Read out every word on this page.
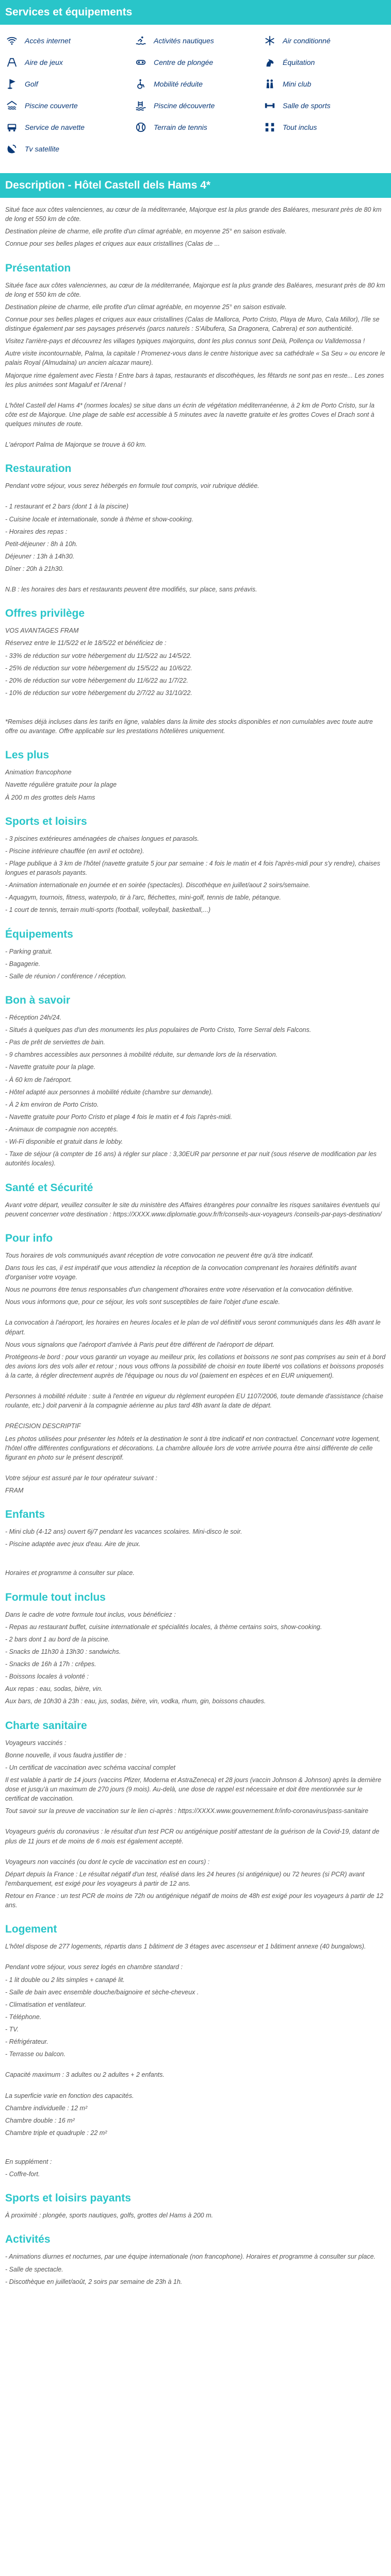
Services et équipements
Accès internet	Activités nautiques	Air conditionné
Aire de jeux	Centre de plongée	Équitation
Golf	Mobilité réduite	Mini club
Piscine couverte	Piscine découverte	Salle de sports
Service de navette	Terrain de tennis	Tout inclus
Tv satellite
Description - Hôtel Castell dels Hams 4*

Situé face aux côtes valenciennes, au cœur de la méditerranée, Majorque est la plus grande des Baléares, mesurant près de 80 km de long et 550 km de côte.

Destination pleine de charme, elle profite d'un climat agréable, en moyenne 25° en saison estivale.

Connue pour ses belles plages et criques aux eaux cristallines (Calas de ...

Présentation

Située face aux côtes valenciennes, au cœur de la méditerranée, Majorque est la plus grande des Baléares, mesurant près de 80 km de long et 550 km de côte.

Destination pleine de charme, elle profite d'un climat agréable, en moyenne 25° en saison estivale.

Connue pour ses belles plages et criques aux eaux cristallines (Calas de Mallorca, Porto Cristo, Playa de Muro, Cala Millor), l'île se distingue également par ses paysages préservés (parcs naturels : S'Albufera, Sa Dragonera, Cabrera) et son authenticité.

Visitez l'arrière-pays et découvrez les villages typiques majorquins, dont les plus connus sont Deià, Pollença ou Valldemossa !

Autre visite incontournable, Palma, la capitale ! Promenez-vous dans le centre historique avec sa cathédrale « Sa Seu » ou encore le palais Royal (Almudaina) un ancien alcazar maure).

Majorque rime également avec Fiesta ! Entre bars à tapas, restaurants et discothèques, les fêtards ne sont pas en reste... Les zones les plus animées sont Magaluf et l'Arenal !

L'hôtel Castell del Hams 4* (normes locales) se situe dans un écrin de végétation méditerranéenne, à 2 km de Porto Cristo, sur la côte est de Majorque. Une plage de sable est accessible à 5 minutes avec la navette gratuite et les grottes Coves el Drach sont à quelques minutes de route.

L'aéroport Palma de Majorque se trouve à 60 km.

Restauration

Pendant votre séjour, vous serez hébergés en formule tout compris, voir rubrique dédiée.

- 1 restaurant et 2 bars (dont 1 à la piscine)

- Cuisine locale et internationale, sonde à thème et show-cooking.

- Horaires des repas :

Petit-déjeuner : 8h à 10h.

Déjeuner : 13h à 14h30.

Dîner : 20h à 21h30.

N.B : les horaires des bars et restaurants peuvent être modifiés, sur place, sans préavis.

Offres privilège

VOS AVANTAGES FRAM

Réservez entre le 11/5/22 et le 18/5/22 et bénéficiez de :

- 33% de réduction sur votre hébergement du 11/5/22 au 14/5/22.

- 25% de réduction sur votre hébergement du 15/5/22 au 10/6/22.

- 20% de réduction sur votre hébergement du 11/6/22 au 1/7/22.

- 10% de réduction sur votre hébergement du 2/7/22 au 31/10/22.

*Remises déjà incluses dans les tarifs en ligne, valables dans la limite des stocks disponibles et non cumulables avec toute autre offre ou avantage. Offre applicable sur les prestations hôtelières uniquement.

Les plus

Animation francophone

Navette régulière gratuite pour la plage

À 200 m des grottes dels Hams

Sports et loisirs

- 3 piscines extérieures aménagées de chaises longues et parasols.

- Piscine intérieure chauffée (en avril et octobre).

- Plage publique à 3 km de l'hôtel (navette gratuite 5 jour par semaine : 4 fois le matin et 4 fois l'après-midi pour s'y rendre), chaises longues et parasols payants.

- Animation internationale en journée et en soirée (spectacles). Discothèque en juillet/aout 2 soirs/semaine.

- Aquagym, tournois, fitness, waterpolo, tir à l'arc, fléchettes, mini-golf, tennis de table, pétanque.

- 1 court de tennis, terrain multi-sports (football, volleyball, basketball,...)

Équipements

- Parking gratuit.

- Bagagerie.

- Salle de réunion / conférence / réception.

Bon à savoir

- Réception 24h/24.

- Situés à quelques pas d'un des monuments les plus populaires de Porto Cristo, Torre Serral dels Falcons.

- Pas de prêt de serviettes de bain.

- 9 chambres accessibles aux personnes à mobilité réduite, sur demande lors de la réservation.

- Navette gratuite pour la plage.

- À 60 km de l'aéroport.

- Hôtel adapté aux personnes à mobilité réduite (chambre sur demande).

- À 2 km environ de Porto Cristo.

- Navette gratuite pour Porto Cristo et plage 4 fois le matin et 4 fois l'après-midi.

- Animaux de compagnie non acceptés.

- Wi-Fi disponible et gratuit dans le lobby.

- Taxe de séjour (à compter de 16 ans) à régler sur place : 3,30EUR par personne et par nuit (sous réserve de modification par les autorités locales).

Santé et Sécurité

Avant votre départ, veuillez consulter le site du ministère des Affaires étrangères pour connaître les risques sanitaires éventuels qui peuvent concerner votre destination : https://XXXX.www.diplomatie.gouv.fr/fr/conseils-aux-voyageurs /conseils-par-pays-destination/

Pour info

Tous horaires de vols communiqués avant réception de votre convocation ne peuvent être qu'à titre indicatif.

Dans tous les cas, il est impératif que vous attendiez la réception de la convocation comprenant les horaires définitifs avant d'organiser votre voyage.

Nous ne pourrons être tenus responsables d'un changement d'horaires entre votre réservation et la convocation définitive.

Nous vous informons que, pour ce séjour, les vols sont susceptibles de faire l'objet d'une escale.

La convocation à l'aéroport, les horaires en heures locales et le plan de vol définitif vous seront communiqués dans les 48h avant le départ.

Nous vous signalons que l'aéroport d'arrivée à Paris peut être différent de l'aéroport de départ.

Protégeons-le bord : pour vous garantir un voyage au meilleur prix, les collations et boissons ne sont pas comprises au sein et à bord des avions lors des vols aller et retour ; nous vous offrons la possibilité de choisir en toute liberté vos collations et boissons proposés à la carte, à régler directement auprès de l'équipage ou nous du vol (paiement en espèces et en EUR uniquement).

Personnes à mobilité réduite : suite à l'entrée en vigueur du règlement européen EU 1107/2006, toute demande d'assistance (chaise roulante, etc.) doit parvenir à la compagnie aérienne au plus tard 48h avant la date de départ.

PRÉCISION DESCRIPTIF

Les photos utilisées pour présenter les hôtels et la destination le sont à titre indicatif et non contractuel. Concernant votre logement, l'hôtel offre différentes configurations et décorations. La chambre allouée lors de votre arrivée pourra être ainsi différente de celle figurant en photo sur le présent descriptif.

Votre séjour est assuré par le tour opérateur suivant :

FRAM

Enfants

- Mini club (4-12 ans) ouvert 6j/7 pendant les vacances scolaires. Mini-disco le soir.

- Piscine adaptée avec jeux d'eau. Aire de jeux.

Horaires et programme à consulter sur place.

Formule tout inclus

Dans le cadre de votre formule tout inclus, vous bénéficiez :

- Repas au restaurant buffet, cuisine internationale et spécialités locales, à thème certains soirs, show-cooking.

- 2 bars dont 1 au bord de la piscine.

- Snacks de 11h30 à 13h30 : sandwichs.

- Snacks de 16h à 17h : crêpes.

- Boissons locales à volonté :

Aux repas : eau, sodas, bière, vin.

Aux bars, de 10h30 à 23h : eau, jus, sodas, bière, vin, vodka, rhum, gin, boissons chaudes.

Charte sanitaire

Voyageurs vaccinés :

Bonne nouvelle, il vous faudra justifier de :

- Un certificat de vaccination avec schéma vaccinal complet

Il est valable à partir de 14 jours (vaccins Pfizer, Moderna et AstraZeneca) et 28 jours (vaccin Johnson & Johnson) après la dernière dose et jusqu'à un maximum de 270 jours (9 mois). Au-delà, une dose de rappel est nécessaire et doit être mentionnée sur le certificat de vaccination.

Tout savoir sur la preuve de vaccination sur le lien ci-après : https://XXXX.www.gouvernement.fr/info-coronavirus/pass-sanitaire

Voyageurs guéris du coronavirus : le résultat d'un test PCR ou antigénique positif attestant de la guérison de la Covid-19, datant de plus de 11 jours et de moins de 6 mois est également accepté.

Voyageurs non vaccinés (ou dont le cycle de vaccination est en cours) :

Départ depuis la France : Le résultat négatif d'un test, réalisé dans les 24 heures (si antigénique) ou 72 heures (si PCR) avant l'embarquement, est exigé pour les voyageurs à partir de 12 ans.

Retour en France : un test PCR de moins de 72h ou antigénique négatif de moins de 48h est exigé pour les voyageurs à partir de 12 ans.

Logement

L'hôtel dispose de 277 logements, répartis dans 1 bâtiment de 3 étages avec ascenseur et 1 bâtiment annexe (40 bungalows).

Pendant votre séjour, vous serez logés en chambre standard :

- 1 lit double ou 2 lits simples + canapé lit.

- Salle de bain avec ensemble douche/baignoire et sèche-cheveux .

- Climatisation et ventilateur.

- Téléphone.

- TV.

- Réfrigérateur.

- Terrasse ou balcon.

Capacité maximum : 3 adultes ou 2 adultes + 2 enfants.

La superficie varie en fonction des capacités.

Chambre individuelle : 12 m²

Chambre double : 16 m²

Chambre triple et quadruple : 22 m²

En supplément :

- Coffre-fort.

Sports et loisirs payants

À proximité : plongée, sports nautiques, golfs, grottes del Hams à 200 m.

Activités

- Animations diurnes et nocturnes, par une équipe internationale (non francophone). Horaires et programme à consulter sur place.

- Salle de spectacle.

- Discothèque en juillet/août, 2 soirs par semaine de 23h à 1h.
